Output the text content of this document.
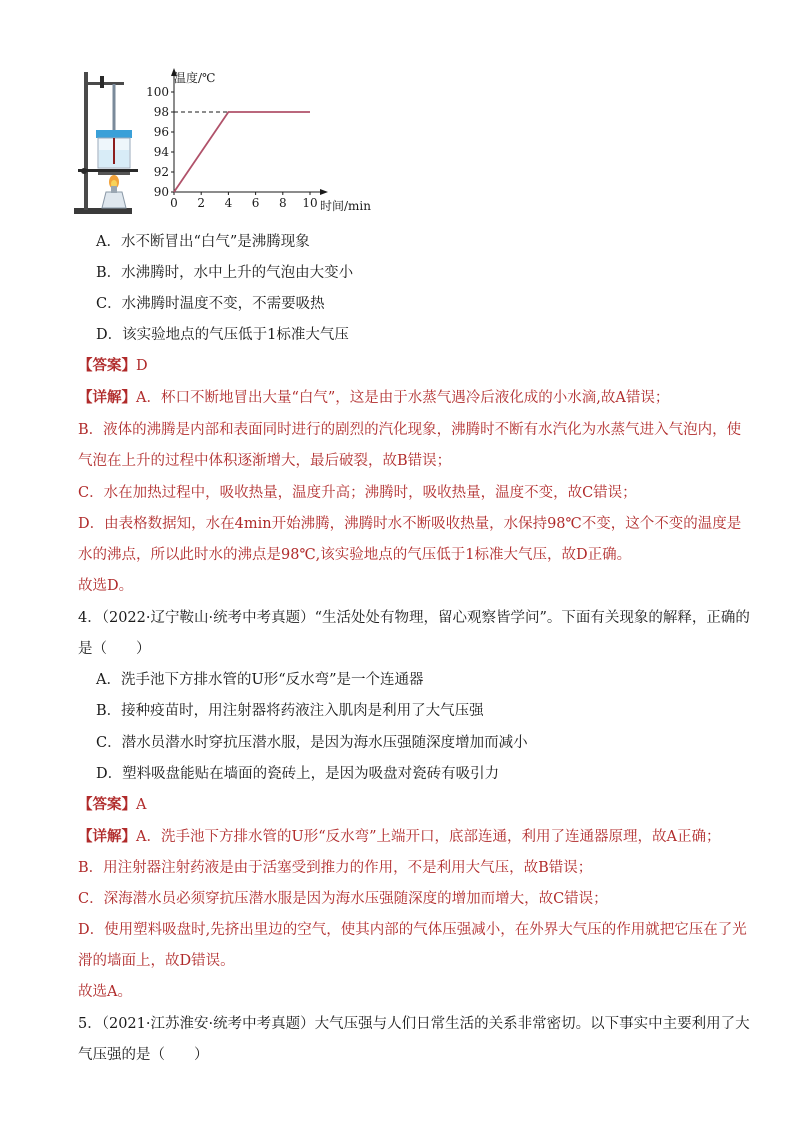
90
92
94
96
98
100
0 2 4 6 8 10
温度/℃
时间/min
A．水不断冒出“白气”是沸腾现象
B．水沸腾时，水中上升的气泡由大变小
C．水沸腾时温度不变，不需要吸热
D．该实验地点的气压低于1标准大气压
【答案】D
【详解】A．杯口不断地冒出大量“白气”，这是由于水蒸气遇冷后液化成的小水滴,故A错误；
B．液体的沸腾是内部和表面同时进行的剧烈的汽化现象，沸腾时不断有水汽化为水蒸气进入气泡内，使
气泡在上升的过程中体积逐渐增大，最后破裂，故B错误；
C．水在加热过程中，吸收热量，温度升高；沸腾时，吸收热量，温度不变，故C错误；
D．由表格数据知，水在4min开始沸腾，沸腾时水不断吸收热量，水保持98℃不变，这个不变的温度是
水的沸点，所以此时水的沸点是98℃,该实验地点的气压低于1标准大气压，故D正确。
故选D。
4．（2022·辽宁鞍山·统考中考真题）“生活处处有物理，留心观察皆学问”。下面有关现象的解释，正确的
是（　　）
A．洗手池下方排水管的U形“反水弯”是一个连通器
B．接种疫苗时，用注射器将药液注入肌肉是利用了大气压强
C．潜水员潜水时穿抗压潜水服，是因为海水压强随深度增加而减小
D．塑料吸盘能贴在墙面的瓷砖上，是因为吸盘对瓷砖有吸引力
【答案】A
【详解】A．洗手池下方排水管的U形“反水弯”上端开口，底部连通，利用了连通器原理，故A正确；
B．用注射器注射药液是由于活塞受到推力的作用，不是利用大气压，故B错误；
C．深海潜水员必须穿抗压潜水服是因为海水压强随深度的增加而增大，故C错误；
D．使用塑料吸盘时,先挤出里边的空气，使其内部的气体压强减小，在外界大气压的作用就把它压在了光
滑的墙面上，故D错误。
故选A。
5．（2021·江苏淮安·统考中考真题）大气压强与人们日常生活的关系非常密切。以下事实中主要利用了大
气压强的是（　　）
